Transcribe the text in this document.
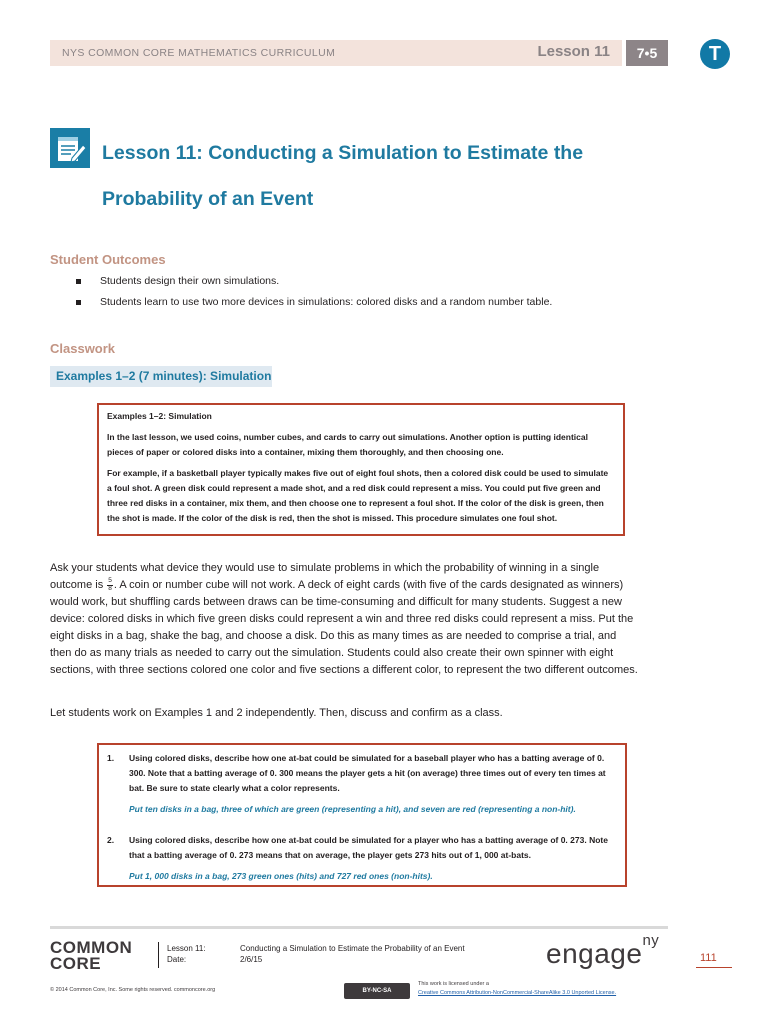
NYS COMMON CORE MATHEMATICS CURRICULUM	Lesson 11	7•5	T
Lesson 11: Conducting a Simulation to Estimate the
Probability of an Event
Student Outcomes
Students design their own simulations.
Students learn to use two more devices in simulations: colored disks and a random number table.
Classwork
Examples 1–2 (7 minutes): Simulation

Examples 1–2: Simulation

In the last lesson, we used coins, number cubes, and cards to carry out simulations. Another option is putting identical pieces of paper or colored disks into a container, mixing them thoroughly, and then choosing one.

For example, if a basketball player typically makes five out of eight foul shots, then a colored disk could be used to simulate a foul shot. A green disk could represent a made shot, and a red disk could represent a miss. You could put five green and three red disks in a container, mix them, and then choose one to represent a foul shot. If the color of the disk is green, then the shot is made. If the color of the disk is red, then the shot is missed. This procedure simulates one foul shot.

Ask your students what device they would use to simulate problems in which the probability of winning in a single outcome is $\frac{5}{8}$ . A coin or number cube will not work. A deck of eight cards (with five of the cards designated as winners) would work, but shuffling cards between draws can be time-consuming and difficult for many students. Suggest a new device: colored disks in which five green disks could represent a win and three red disks could represent a miss. Put the eight disks in a bag, shake the bag, and choose a disk. Do this as many times as are needed to comprise a trial, and then do as many trials as needed to carry out the simulation. Students could also create their own spinner with eight sections, with three sections colored one color and five sections a different color, to represent the two different outcomes.
Let students work on Examples 1 and 2 independently. Then, discuss and confirm as a class.
1.	Using colored disks, describe how one at-bat could be simulated for a baseball player who has a batting average of 0. 300. Note that a batting average of 0. 300 means the player gets a hit (on average) three times out of every ten times at bat. Be sure to state clearly what a color represents.

Put ten disks in a bag, three of which are green (representing a hit), and seven are red (representing a non-hit).

2.	Using colored disks, describe how one at-bat could be simulated for a player who has a batting average of 0. 273. Note that a batting average of 0. 273 means that on average, the player gets 273 hits out of 1, 000 at-bats.

Put 1, 000 disks in a bag, 273 green ones (hits) and 727 red ones (non-hits).

COMMON
CORE
Lesson 11:
Date:
Conducting a Simulation to Estimate the Probability of an Event
2/6/15	engage$^{ny}$
111
© 2014 Common Core, Inc. Some rights reserved. commoncore.org	BY-NC-SA
This work is licensed under a
Creative Commons Attribution-NonCommercial-ShareAlike 3.0 Unported License.
